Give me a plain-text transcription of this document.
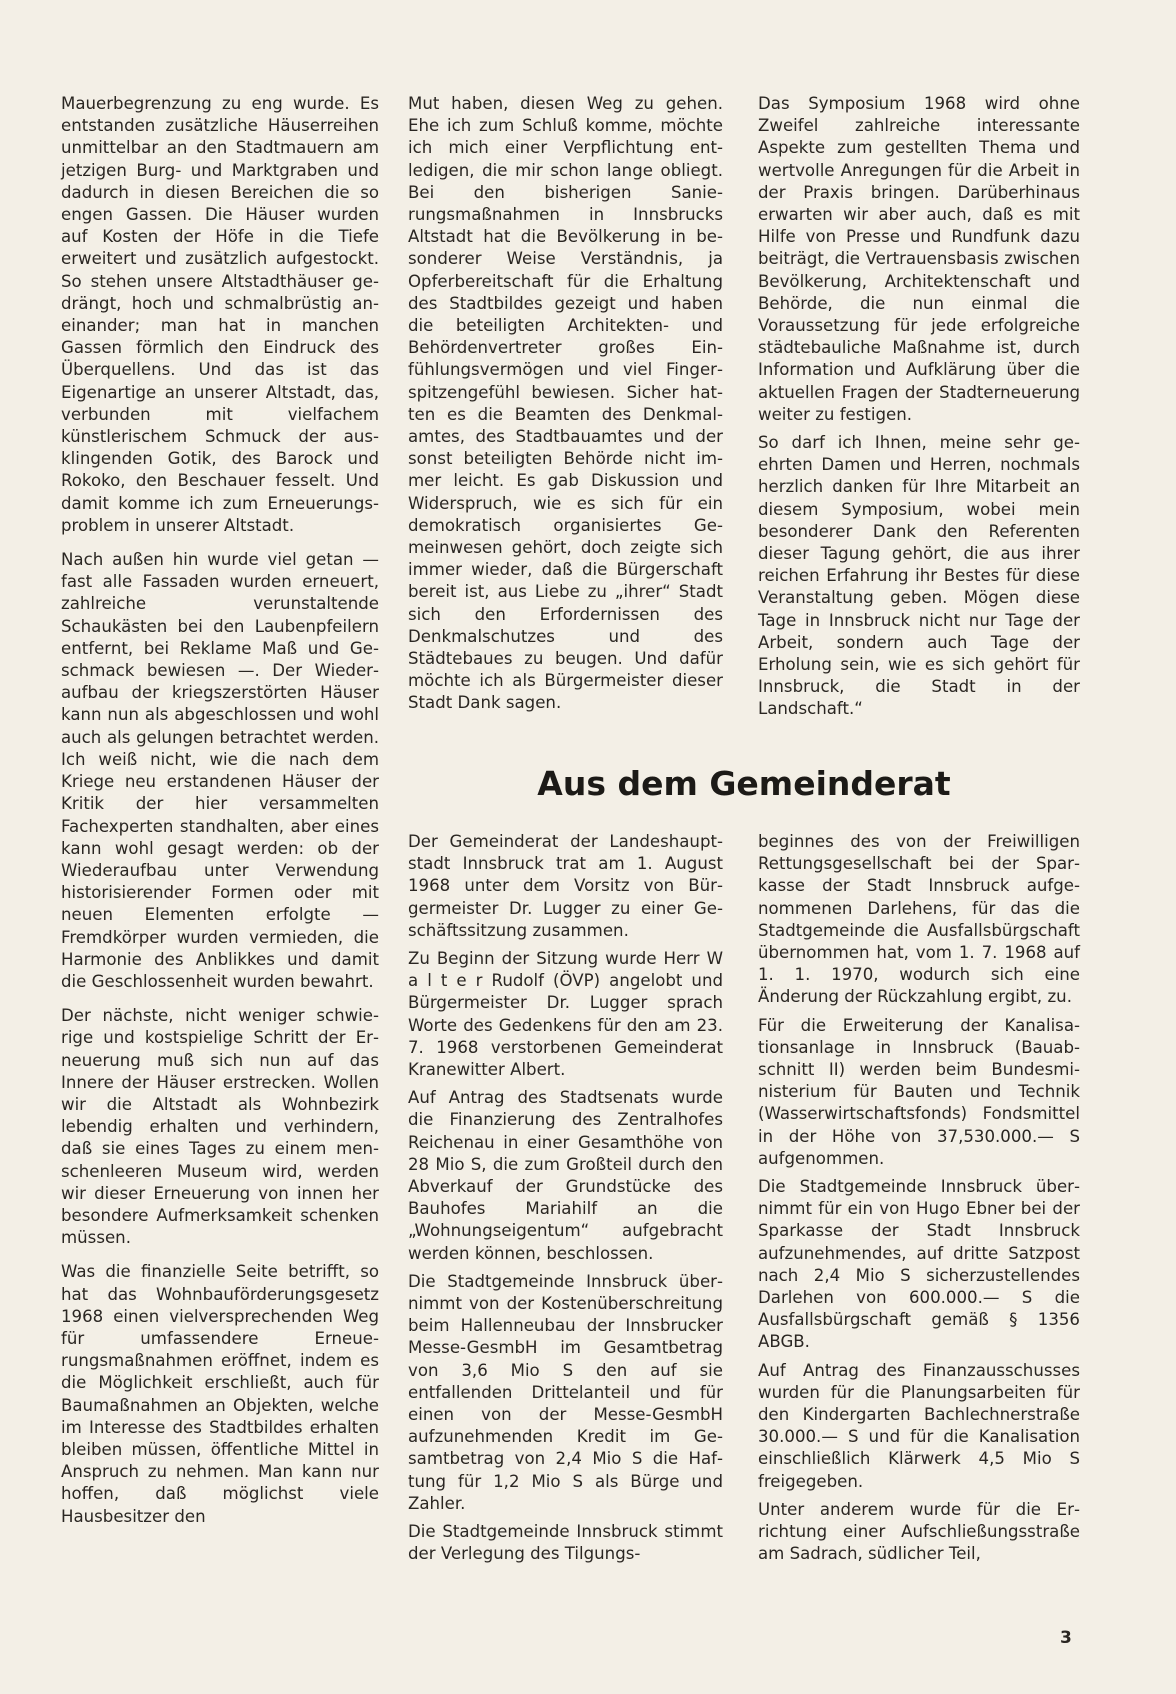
Mauerbegrenzung zu eng wurde. Es entstanden zusätzliche Häuserreihen unmittelbar an den Stadtmauern am jetzigen Burg- und Marktgraben und dadurch in diesen Bereichen die so engen Gassen. Die Häuser wurden auf Kosten der Höfe in die Tiefe erweitert und zusätzlich aufgestockt. So stehen unsere Altstadthäuser gedrängt, hoch und schmalbrüstig aneinander; man hat in manchen Gassen förmlich den Eindruck des Überquellens. Und das ist das Eigenartige an unserer Altstadt, das, verbunden mit vielfachem künstlerischem Schmuck der ausklingenden Gotik, des Barock und Rokoko, den Beschauer fesselt. Und damit komme ich zum Erneuerungsproblem in unserer Altstadt.

Nach außen hin wurde viel getan — fast alle Fassaden wurden erneuert, zahlreiche verunstaltende Schaukästen bei den Laubenpfeilern entfernt, bei Reklame Maß und Geschmack bewiesen —. Der Wiederaufbau der kriegszerstörten Häuser kann nun als abgeschlossen und wohl auch als gelungen betrachtet werden. Ich weiß nicht, wie die nach dem Kriege neu erstandenen Häuser der Kritik der hier versammelten Fachexperten standhalten, aber eines kann wohl gesagt werden: ob der Wiederaufbau unter Verwendung historisierender Formen oder mit neuen Elementen erfolgte — Fremdkörper wurden vermieden, die Harmonie des Anblikkes und damit die Geschlossenheit wurden bewahrt.

Der nächste, nicht weniger schwierige und kostspielige Schritt der Erneuerung muß sich nun auf das Innere der Häuser erstrecken. Wollen wir die Altstadt als Wohnbezirk lebendig erhalten und verhindern, daß sie eines Tages zu einem menschenleeren Museum wird, werden wir dieser Erneuerung von innen her besondere Aufmerksamkeit schenken müssen.

Was die finanzielle Seite betrifft, so hat das Wohnbauförderungsgesetz 1968 einen vielversprechenden Weg für umfassendere Erneuerungsmaßnahmen eröffnet, indem es die Möglichkeit erschließt, auch für Baumaßnahmen an Objekten, welche im Interesse des Stadtbildes erhalten bleiben müssen, öffentliche Mittel in Anspruch zu nehmen. Man kann nur hoffen, daß möglichst viele Hausbesitzer den

Mut haben, diesen Weg zu gehen. Ehe ich zum Schluß komme, möchte ich mich einer Verpflichtung entledigen, die mir schon lange obliegt. Bei den bisherigen Sanierungsmaßnahmen in Innsbrucks Altstadt hat die Bevölkerung in besonderer Weise Verständnis, ja Opferbereitschaft für die Erhaltung des Stadtbildes gezeigt und haben die beteiligten Architekten- und Behördenvertreter großes Einfühlungsvermögen und viel Fingerspitzengefühl bewiesen. Sicher hatten es die Beamten des Denkmalamtes, des Stadtbauamtes und der sonst beteiligten Behörde nicht immer leicht. Es gab Diskussion und Widerspruch, wie es sich für ein demokratisch organisiertes Gemeinwesen gehört, doch zeigte sich immer wieder, daß die Bürgerschaft bereit ist, aus Liebe zu „ihrer“ Stadt sich den Erfordernissen des Denkmalschutzes und des Städtebaues zu beugen. Und dafür möchte ich als Bürgermeister dieser Stadt Dank sagen.

Das Symposium 1968 wird ohne Zweifel zahlreiche interessante Aspekte zum gestellten Thema und wertvolle Anregungen für die Arbeit in der Praxis bringen. Darüberhinaus erwarten wir aber auch, daß es mit Hilfe von Presse und Rundfunk dazu beiträgt, die Vertrauensbasis zwischen Bevölkerung, Architektenschaft und Behörde, die nun einmal die Voraussetzung für jede erfolgreiche städtebauliche Maßnahme ist, durch Information und Aufklärung über die aktuellen Fragen der Stadterneuerung weiter zu festigen.

So darf ich Ihnen, meine sehr geehrten Damen und Herren, nochmals herzlich danken für Ihre Mitarbeit an diesem Symposium, wobei mein besonderer Dank den Referenten dieser Tagung gehört, die aus ihrer reichen Erfahrung ihr Bestes für diese Veranstaltung geben. Mögen diese Tage in Innsbruck nicht nur Tage der Arbeit, sondern auch Tage der Erholung sein, wie es sich gehört für Innsbruck, die Stadt in der Landschaft.“

Aus dem Gemeinderat

Der Gemeinderat der Landeshauptstadt Innsbruck trat am 1. August 1968 unter dem Vorsitz von Bürgermeister Dr. Lugger zu einer Geschäftssitzung zusammen.

Zu Beginn der Sitzung wurde Herr W a l t e r Rudolf (ÖVP) angelobt und Bürgermeister Dr. Lugger sprach Worte des Gedenkens für den am 23. 7. 1968 verstorbenen Gemeinderat Kranewitter Albert.

Auf Antrag des Stadtsenats wurde die Finanzierung des Zentralhofes Reichenau in einer Gesamthöhe von 28 Mio S, die zum Großteil durch den Abverkauf der Grundstücke des Bauhofes Mariahilf an die „Wohnungseigentum“ aufgebracht werden können, beschlossen.

Die Stadtgemeinde Innsbruck übernimmt von der Kostenüberschreitung beim Hallenneubau der Innsbrucker Messe-GesmbH im Gesamtbetrag von 3,6 Mio S den auf sie entfallenden Drittelanteil und für einen von der Messe-GesmbH aufzunehmenden Kredit im Gesamtbetrag von 2,4 Mio S die Haftung für 1,2 Mio S als Bürge und Zahler.

Die Stadtgemeinde Innsbruck stimmt der Verlegung des Tilgungs-

beginnes des von der Freiwilligen Rettungsgesellschaft bei der Sparkasse der Stadt Innsbruck aufgenommenen Darlehens, für das die Stadtgemeinde die Ausfallsbürgschaft übernommen hat, vom 1. 7. 1968 auf 1. 1. 1970, wodurch sich eine Änderung der Rückzahlung ergibt, zu.

Für die Erweiterung der Kanalisationsanlage in Innsbruck (Bauabschnitt II) werden beim Bundesministerium für Bauten und Technik (Wasserwirtschaftsfonds) Fondsmittel in der Höhe von 37,530.000.— S aufgenommen.

Die Stadtgemeinde Innsbruck übernimmt für ein von Hugo Ebner bei der Sparkasse der Stadt Innsbruck aufzunehmendes, auf dritte Satzpost nach 2,4 Mio S sicherzustellendes Darlehen von 600.000.— S die Ausfallsbürgschaft gemäß § 1356 ABGB.

Auf Antrag des Finanzausschusses wurden für die Planungsarbeiten für den Kindergarten Bachlechnerstraße 30.000.— S und für die Kanalisation einschließlich Klärwerk 4,5 Mio S freigegeben.

Unter anderem wurde für die Errichtung einer Aufschließungsstraße am Sadrach, südlicher Teil,

3
